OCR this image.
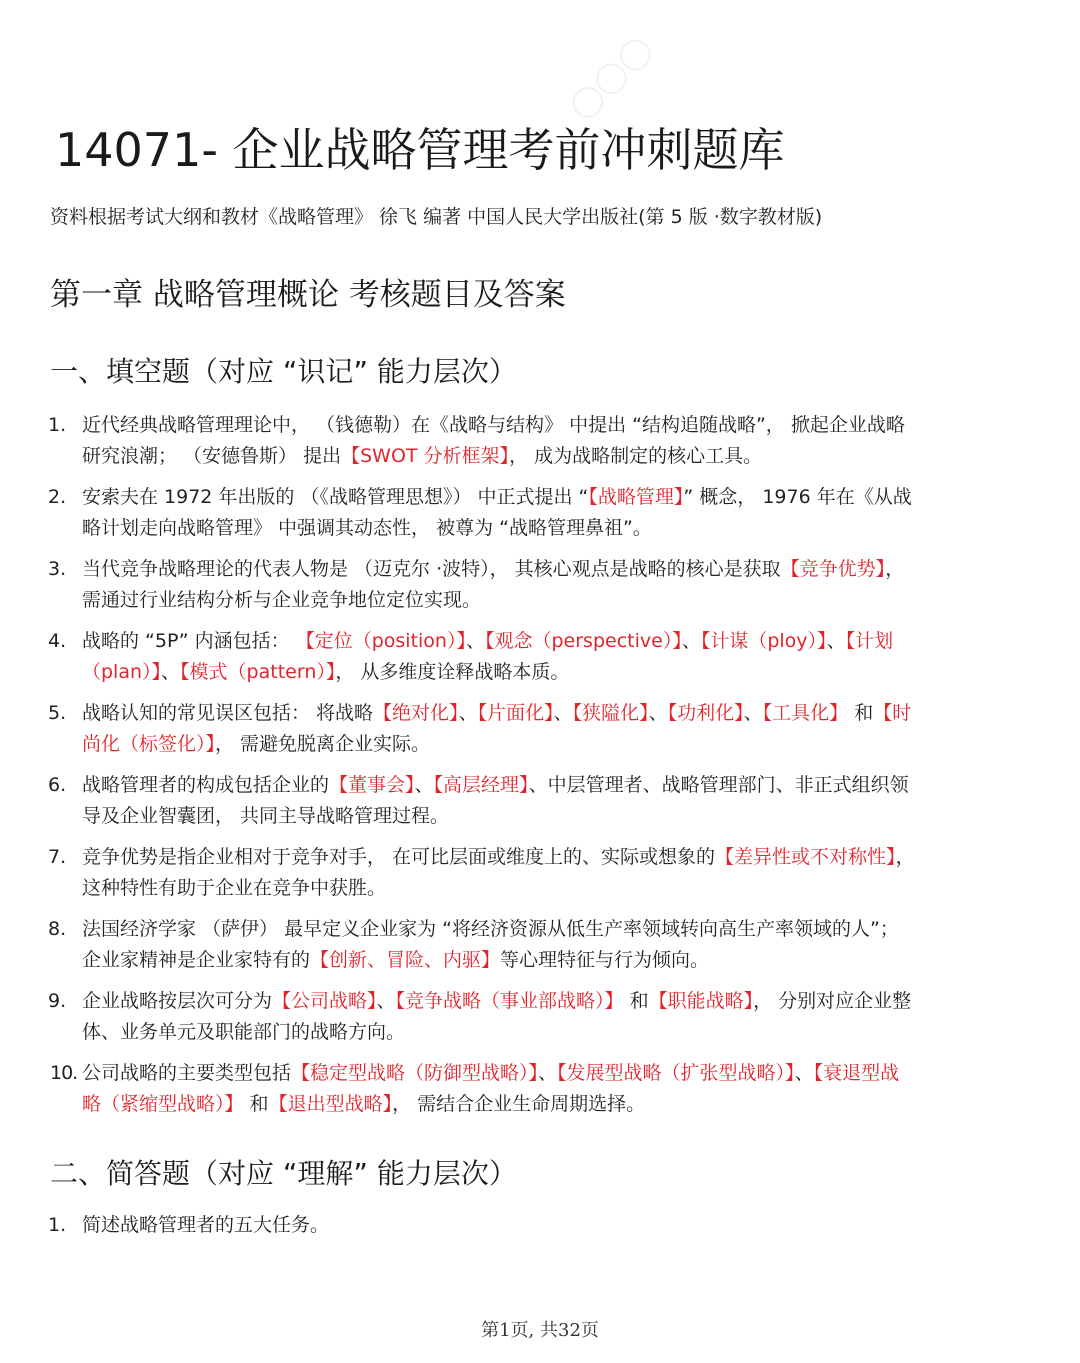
◯◯◯
14071- 企业战略管理考前冲刺题库
资料根据考试大纲和教材《战略管理》 徐飞 编著 中国人民大学出版社(第 5 版 ·数字教材版)
第一章 战略管理概论 考核题目及答案
一、填空题（对应 “识记” 能力层次）
1. 近代经典战略管理理论中， （钱德勒）在《战略与结构》 中提出 “结构追随战略”， 掀起企业战略研究浪潮； （安德鲁斯） 提出【SWOT 分析框架】， 成为战略制定的核心工具。
2. 安索夫在 1972 年出版的 （《战略管理思想》） 中正式提出 “【战略管理】” 概念， 1976 年在《从战略计划走向战略管理》 中强调其动态性， 被尊为 “战略管理鼻祖”。
3. 当代竞争战略理论的代表人物是 （迈克尔 ·波特）， 其核心观点是战略的核心是获取【竞争优势】， 需通过行业结构分析与企业竞争地位定位实现。
4. 战略的 “5P” 内涵包括： 【定位（position）】、【观念（perspective）】、【计谋（ploy）】、【计划（plan）】、【模式（pattern）】， 从多维度诠释战略本质。
5. 战略认知的常见误区包括： 将战略【绝对化】、【片面化】、【狭隘化】、【功利化】、【工具化】 和【时尚化（标签化）】， 需避免脱离企业实际。
6. 战略管理者的构成包括企业的【董事会】、【高层经理】、中层管理者、战略管理部门、非正式组织领导及企业智囊团， 共同主导战略管理过程。
7. 竞争优势是指企业相对于竞争对手， 在可比层面或维度上的、实际或想象的【差异性或不对称性】， 这种特性有助于企业在竞争中获胜。
8. 法国经济学家 （萨伊） 最早定义企业家为 “将经济资源从低生产率领域转向高生产率领域的人”； 企业家精神是企业家特有的【创新、冒险、内驱】等心理特征与行为倾向。
9. 企业战略按层次可分为【公司战略】、【竞争战略（事业部战略）】 和【职能战略】， 分别对应企业整体、业务单元及职能部门的战略方向。
10. 公司战略的主要类型包括【稳定型战略（防御型战略）】、【发展型战略（扩张型战略）】、【衰退型战略（紧缩型战略）】 和【退出型战略】， 需结合企业生命周期选择。
二、简答题（对应 “理解” 能力层次）
1. 简述战略管理者的五大任务。
第1页, 共32页
